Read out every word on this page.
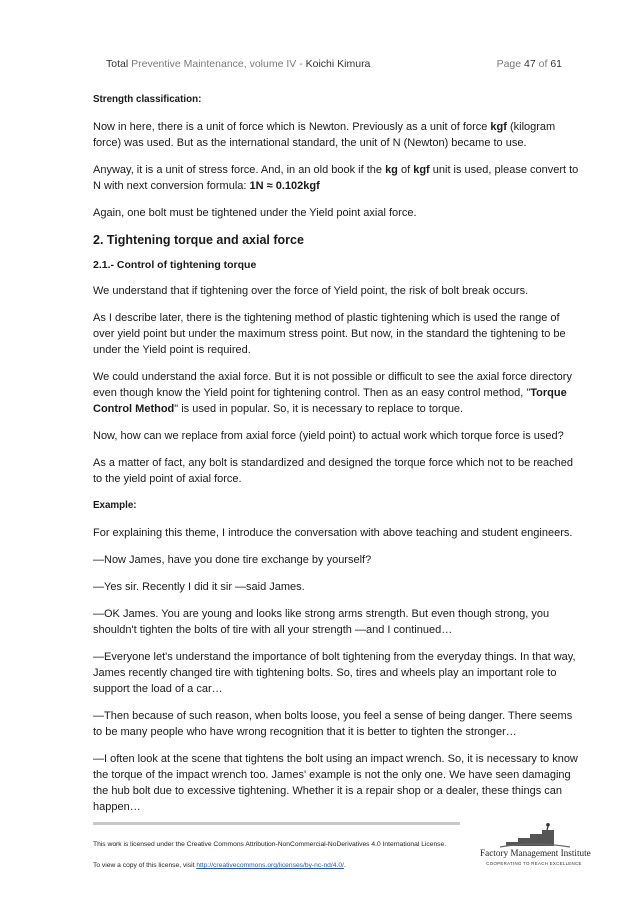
Total Preventive Maintenance, volume IV - Koichi Kimura	Page 47 of 61

Strength classification:

Now in here, there is a unit of force which is Newton. Previously as a unit of force kgf (kilogram force) was used. But as the international standard, the unit of N (Newton) became to use.

Anyway, it is a unit of stress force. And, in an old book if the kg of kgf unit is used, please convert to N with next conversion formula: 1N ≈ 0.102kgf

Again, one bolt must be tightened under the Yield point axial force.

2. Tightening torque and axial force
2.1.- Control of tightening torque

We understand that if tightening over the force of Yield point, the risk of bolt break occurs.

As I describe later, there is the tightening method of plastic tightening which is used the range of over yield point but under the maximum stress point. But now, in the standard the tightening to be under the Yield point is required.

We could understand the axial force. But it is not possible or difficult to see the axial force directory even though know the Yield point for tightening control. Then as an easy control method, "Torque Control Method" is used in popular. So, it is necessary to replace to torque.

Now, how can we replace from axial force (yield point) to actual work which torque force is used?

As a matter of fact, any bolt is standardized and designed the torque force which not to be reached to the yield point of axial force.

Example:

For explaining this theme, I introduce the conversation with above teaching and student engineers.

—Now James, have you done tire exchange by yourself?

—Yes sir. Recently I did it sir —said James.

—OK James. You are young and looks like strong arms strength. But even though strong, you shouldn't tighten the bolts of tire with all your strength —and I continued…

—Everyone let's understand the importance of bolt tightening from the everyday things. In that way, James recently changed tire with tightening bolts. So, tires and wheels play an important role to support the load of a car…

—Then because of such reason, when bolts loose, you feel a sense of being danger. There seems to be many people who have wrong recognition that it is better to tighten the stronger…

—I often look at the scene that tightens the bolt using an impact wrench. So, it is necessary to know the torque of the impact wrench too. James' example is not the only one. We have seen damaging the hub bolt due to excessive tightening. Whether it is a repair shop or a dealer, these things can happen…

This work is licensed under the Creative Commons Attribution-NonCommercial-NoDerivatives 4.0 International License.
To view a copy of this license, visit http://creativecommons.org/licenses/by-nc-nd/4.0/.
Factory Management Institute
COOPERATING TO REACH EXCELLENCE
